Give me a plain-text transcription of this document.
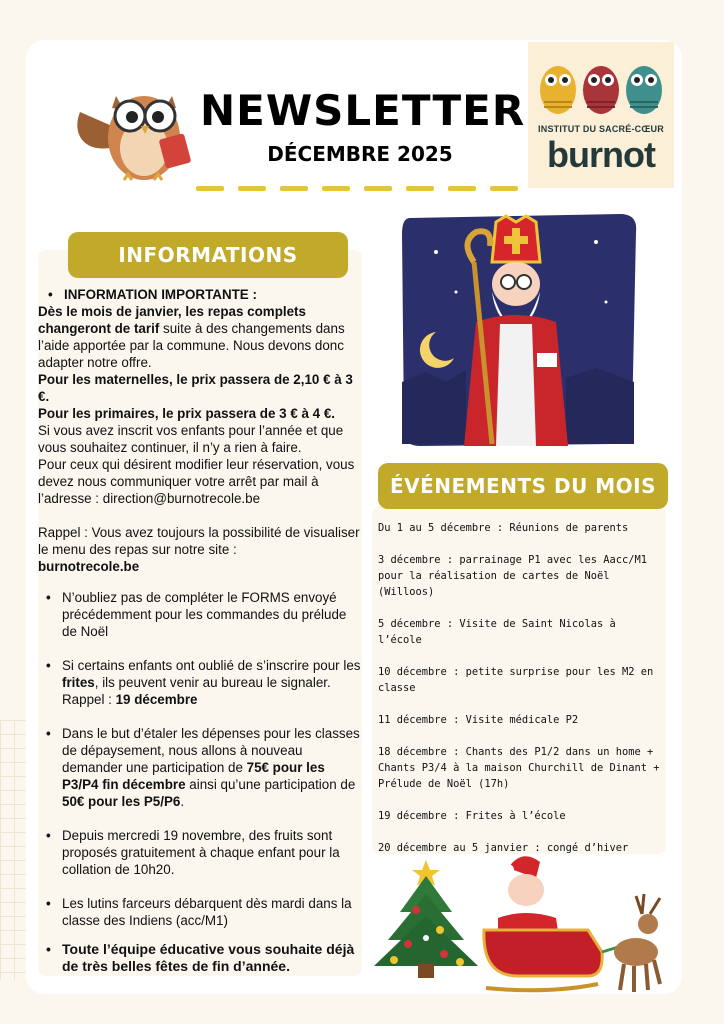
NEWSLETTER
DÉCEMBRE 2025
INSTITUT DU SACRÉ-CŒUR
burnot
INFORMATIONS

• INFORMATION IMPORTANTE :

Dès le mois de janvier, les repas complets changeront de tarif suite à des changements dans l’aide apportée par la commune. Nous devons donc adapter notre offre.

Pour les maternelles, le prix passera de 2,10 € à 3 €.

Pour les primaires, le prix passera de 3 € à 4 €.

Si vous avez inscrit vos enfants pour l’année et que vous souhaitez continuer, il n’y a rien à faire.

Pour ceux qui désirent modifier leur réservation, vous devez nous communiquer votre arrêt par mail à l’adresse : direction@burnotrecole.be

Rappel : Vous avez toujours la possibilité de visualiser le menu des repas sur notre site :

burnotrecole.be

• N’oubliez pas de compléter le FORMS envoyé précédemment pour les commandes du prélude de Noël

• Si certains enfants ont oublié de s’inscrire pour les frites, ils peuvent venir au bureau le signaler. Rappel : 19 décembre

• Dans le but d’étaler les dépenses pour les classes de dépaysement, nous allons à nouveau demander une participation de 75€ pour les P3/P4 fin décembre ainsi qu’une participation de 50€ pour les P5/P6.

• Depuis mercredi 19 novembre, des fruits sont proposés gratuitement à chaque enfant pour la collation de 10h20.

• Les lutins farceurs débarquent dès mardi dans la classe des Indiens (acc/M1)

• Toute l’équipe éducative vous souhaite déjà de très belles fêtes de fin d’année.

ÉVÉNEMENTS DU MOIS

Du 1 au 5 décembre : Réunions de parents

3 décembre : parrainage P1 avec les Aacc/M1 pour la réalisation de cartes de Noël (Willoos)

5 décembre : Visite de Saint Nicolas à l’école

10 décembre : petite surprise pour les M2 en classe

11 décembre : Visite médicale P2

18 décembre : Chants des P1/2 dans un home + Chants P3/4 à la maison Churchill de Dinant + Prélude de Noël (17h)

19 décembre : Frites à l’école

20 décembre au 5 janvier : congé d’hiver
